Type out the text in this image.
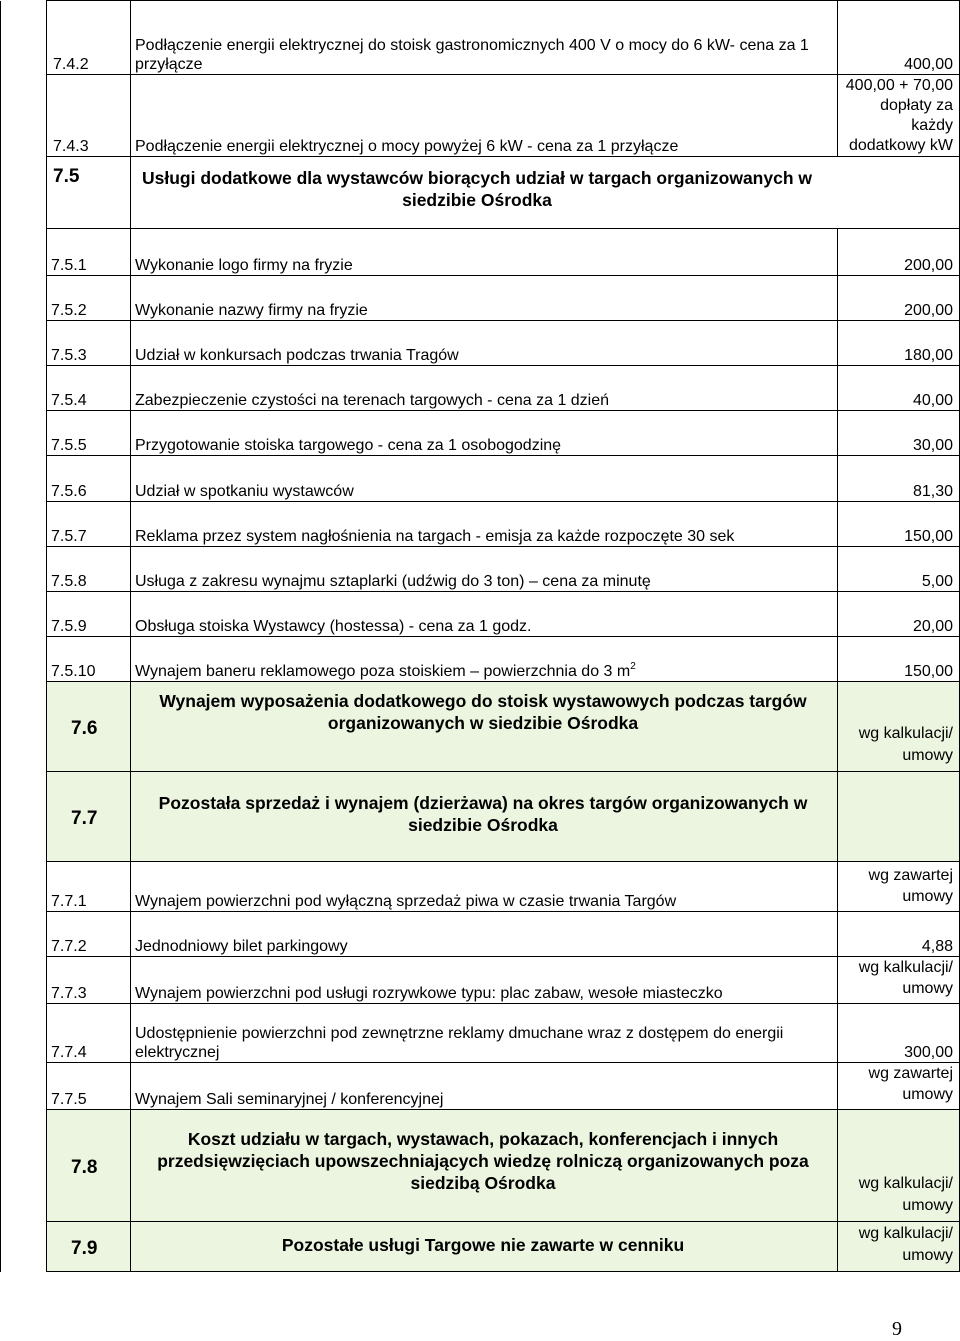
	7.4.2	Podłączenie energii elektrycznej do stoisk gastronomicznych 400 V o mocy do 6 kW- cena za 1 przyłącze	400,00
	7.4.3	Podłączenie energii elektrycznej o mocy powyżej 6 kW - cena za 1 przyłącze	400,00 + 70,00 dopłaty za każdy dodatkowy kW
	7.5	Usługi dodatkowe dla wystawców biorących udział w targach organizowanych w siedzibie Ośrodka	
	7.5.1	Wykonanie logo firmy na fryzie	200,00
	7.5.2	Wykonanie nazwy firmy na fryzie	200,00
	7.5.3	Udział w konkursach podczas trwania Tragów	180,00
	7.5.4	Zabezpieczenie czystości na terenach targowych - cena za 1 dzień	40,00
	7.5.5	Przygotowanie stoiska targowego - cena za 1 osobogodzinę	30,00
	7.5.6	Udział w spotkaniu wystawców	81,30
	7.5.7	Reklama przez system nagłośnienia na targach - emisja za każde rozpoczęte 30 sek	150,00
	7.5.8	Usługa z zakresu wynajmu sztaplarki (udźwig do 3 ton) – cena za minutę	5,00
	7.5.9	Obsługa stoiska Wystawcy (hostessa) - cena za 1 godz.	20,00
	7.5.10	Wynajem baneru reklamowego poza stoiskiem – powierzchnia do 3 $m^2$	150,00
	7.6	Wynajem wyposażenia dodatkowego do stoisk wystawowych podczas targów organizowanych w siedzibie Ośrodka	wg kalkulacji/ umowy
	7.7	Pozostała sprzedaż i wynajem (dzierżawa) na okres targów organizowanych w siedzibie Ośrodka	
	7.7.1	Wynajem powierzchni pod wyłączną sprzedaż piwa w czasie trwania Targów	wg zawartej umowy
	7.7.2	Jednodniowy bilet parkingowy	4,88
	7.7.3	Wynajem powierzchni pod usługi rozrywkowe typu: plac zabaw, wesołe miasteczko	wg kalkulacji/ umowy
	7.7.4	Udostępnienie powierzchni pod zewnętrzne reklamy dmuchane wraz z dostępem do energii elektrycznej	300,00
	7.7.5	Wynajem Sali seminaryjnej / konferencyjnej	wg zawartej umowy
	7.8	Koszt udziału w targach, wystawach, pokazach, konferencjach i innych przedsięwzięciach upowszechniających wiedzę rolniczą organizowanych poza siedzibą Ośrodka	wg kalkulacji/ umowy
	7.9	Pozostałe usługi Targowe nie zawarte w cenniku	wg kalkulacji/ umowy
9
